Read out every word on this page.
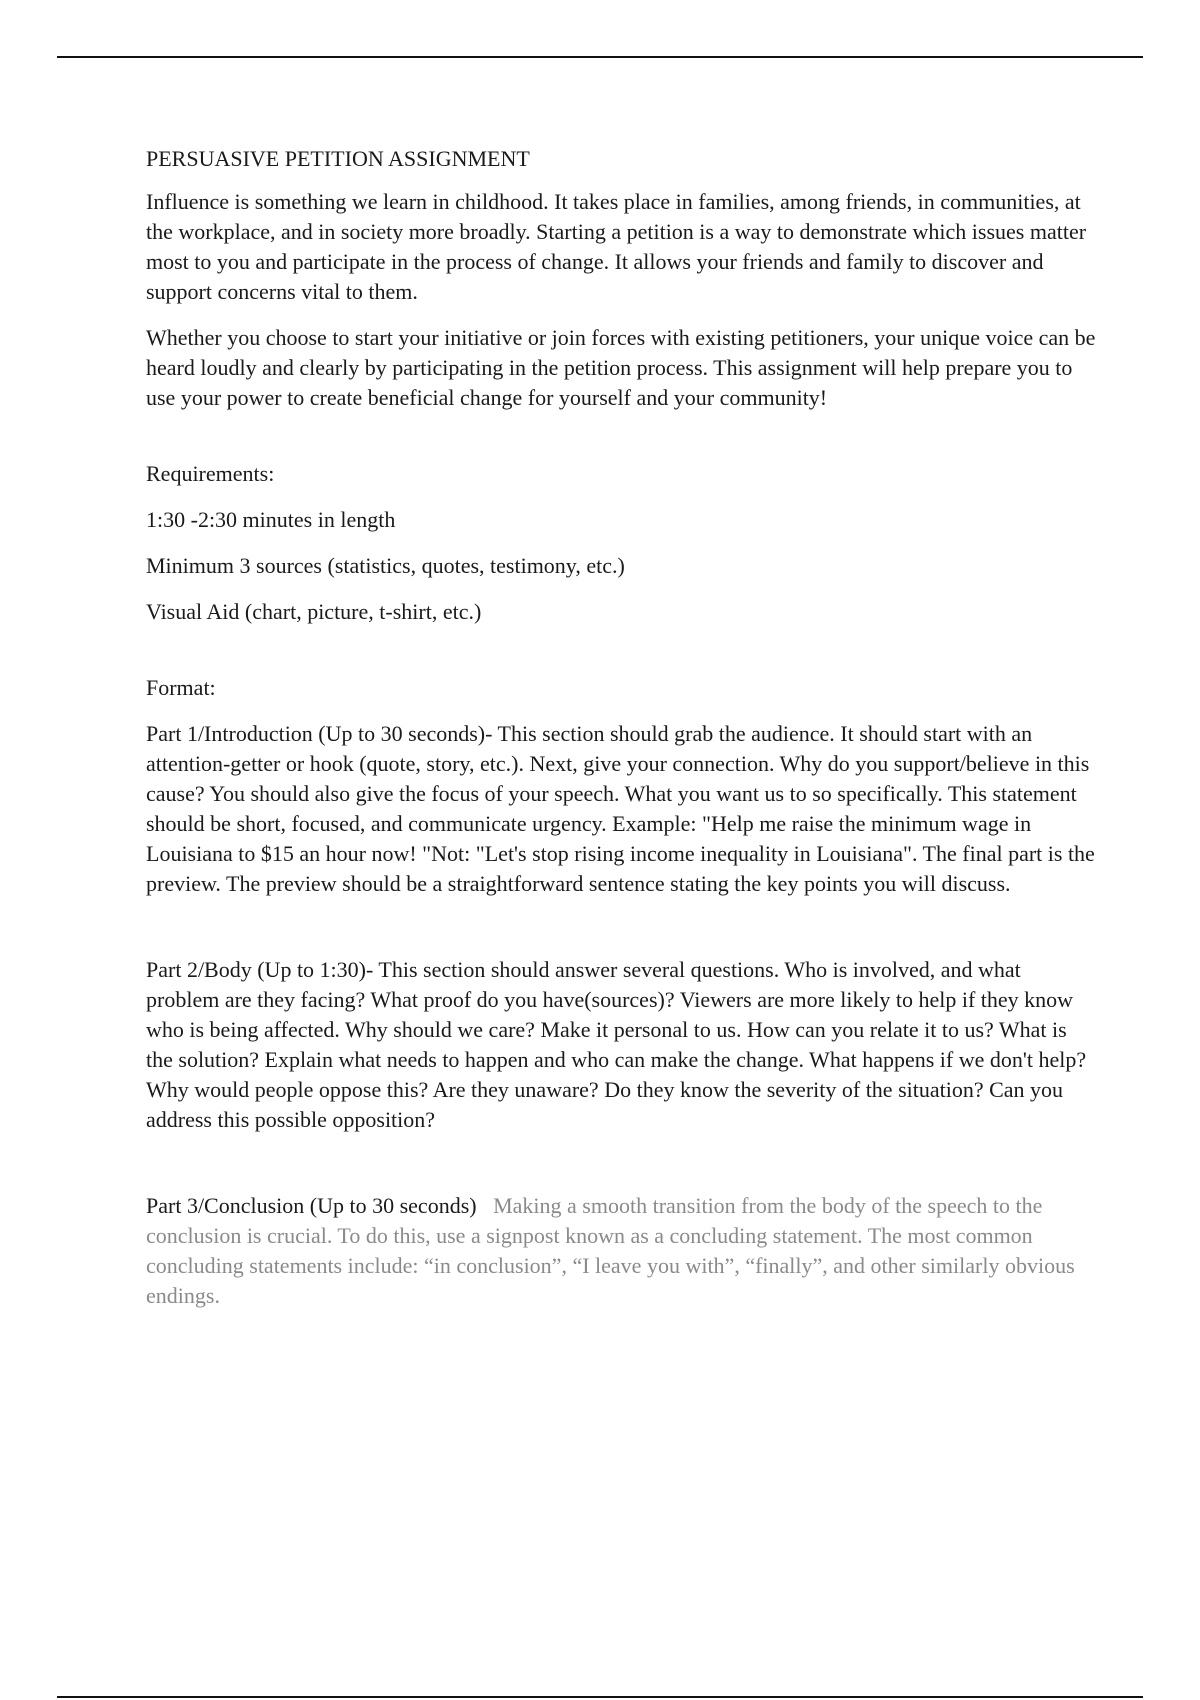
PERSUASIVE PETITION ASSIGNMENT

Influence is something we learn in childhood. It takes place in families, among friends, in communities, at the workplace, and in society more broadly. Starting a petition is a way to demonstrate which issues matter most to you and participate in the process of change. It allows your friends and family to discover and support concerns vital to them.

Whether you choose to start your initiative or join forces with existing petitioners, your unique voice can be heard loudly and clearly by participating in the petition process. This assignment will help prepare you to use your power to create beneficial change for yourself and your community!

Requirements:

1:30 -2:30 minutes in length

Minimum 3 sources (statistics, quotes, testimony, etc.)

Visual Aid (chart, picture, t-shirt, etc.)

Format:

Part 1/Introduction (Up to 30 seconds)- This section should grab the audience. It should start with an attention-getter or hook (quote, story, etc.). Next, give your connection. Why do you support/believe in this cause? You should also give the focus of your speech. What you want us to so specifically. This statement should be short, focused, and communicate urgency. Example: "Help me raise the minimum wage in Louisiana to $15 an hour now! "Not: "Let's stop rising income inequality in Louisiana". The final part is the preview. The preview should be a straightforward sentence stating the key points you will discuss.

Part 2/Body (Up to 1:30)- This section should answer several questions. Who is involved, and what problem are they facing? What proof do you have(sources)? Viewers are more likely to help if they know who is being affected. Why should we care? Make it personal to us. How can you relate it to us? What is the solution? Explain what needs to happen and who can make the change. What happens if we don't help? Why would people oppose this? Are they unaware? Do they know the severity of the situation? Can you address this possible opposition?

Part 3/Conclusion (Up to 30 seconds) Making a smooth transition from the body of the speech to the conclusion is crucial. To do this, use a signpost known as a concluding statement. The most common concluding statements include: “in conclusion”, “I leave you with”, “finally”, and other similarly obvious endings.
